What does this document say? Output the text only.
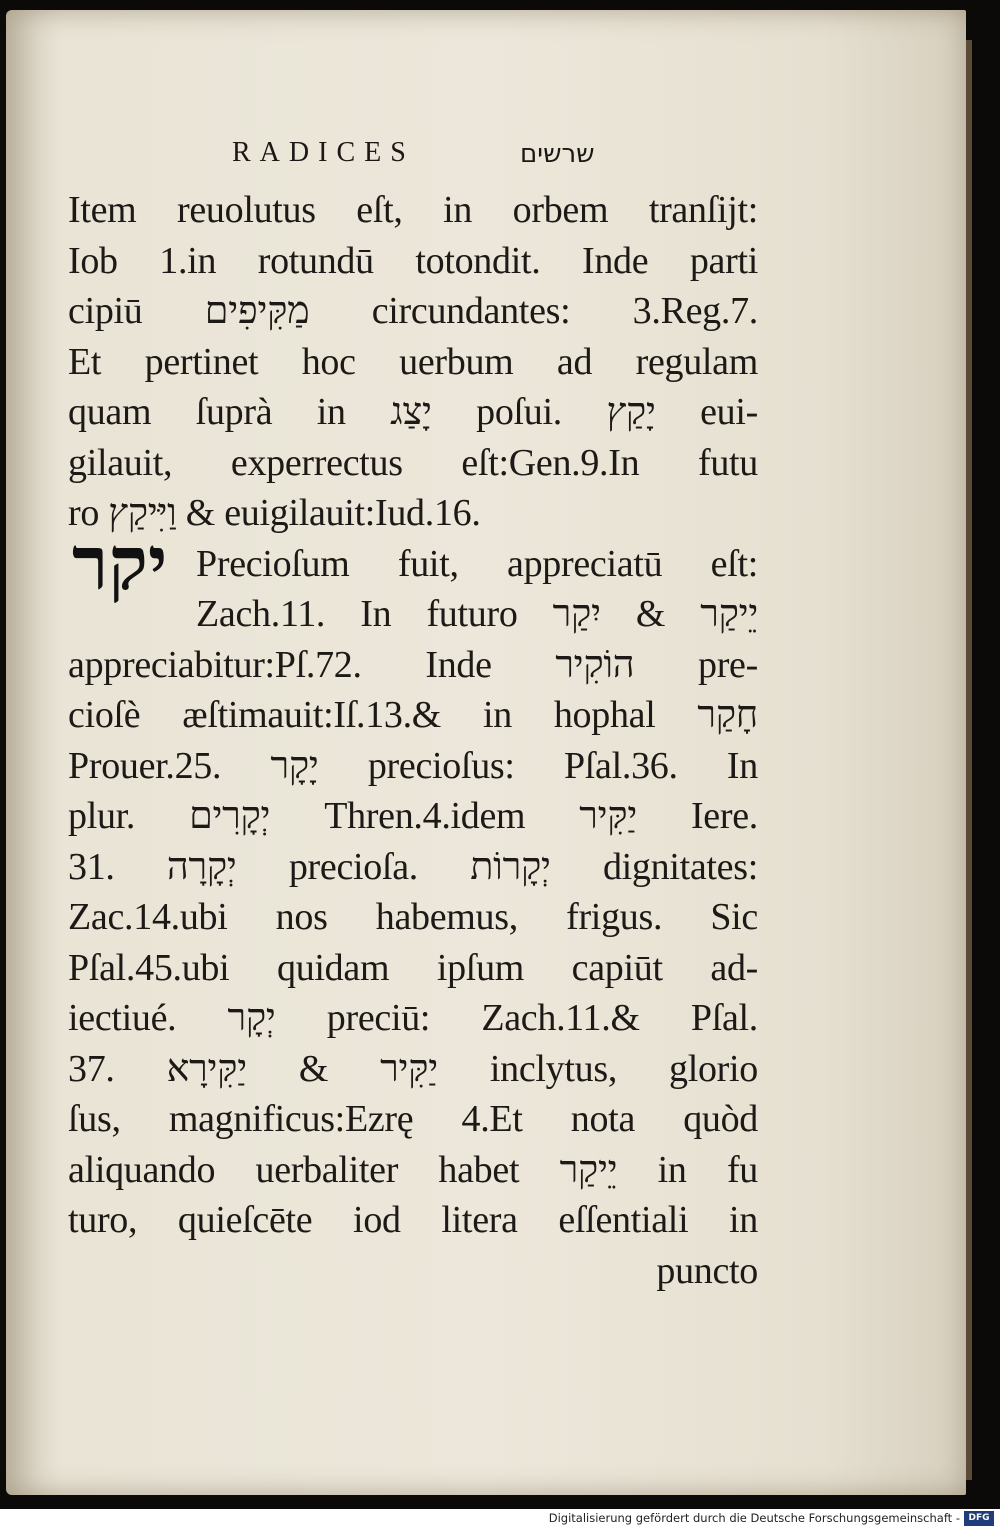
RADICES	שרשים
יקר
Item reuolutus eſt, in orbem tranſijt:
Iob 1.in rotundū totondit. Inde parti
cipiū מַקִּיפִים circundantes: 3.Reg.7.
Et pertinet hoc uerbum ad regulam
quam ſuprà in יָצַג poſui. יָקַץ eui-
gilauit, experrectus eſt:Gen.9.In futu
ro וַיִּיקַץ & euigilauit:Iud.16.
Precioſum fuit, appreciatū eſt:
Zach.11. In futuro יֵיקַר & יִקַר
appreciabitur:Pſ.72. Inde הוֹקִיר pre-
cioſè æſtimauit:Iſ.13.& in hophal חָקַר
Prouer.25. יָקָר precioſus: Pſal.36. In
plur. יְקָרִים Thren.4.idem יַקִּיר Iere.
31. יְקָרָה precioſa. יְקָרוֹת dignitates:
Zac.14.ubi nos habemus, frigus. Sic
Pſal.45.ubi quidam ipſum capiūt ad-
iectiué. יְקָר preciū: Zach.11.& Pſal.
37. יַקִּיר & יַקִּירָא inclytus, glorio
ſus, magnificus:Ezrę 4.Et nota quòd
aliquando uerbaliter habet יֵיקַר in fu
turo, quieſcēte iod litera eſſentiali in
puncto
Digitalisierung gefördert durch die Deutsche Forschungsgemeinschaft - DFG
